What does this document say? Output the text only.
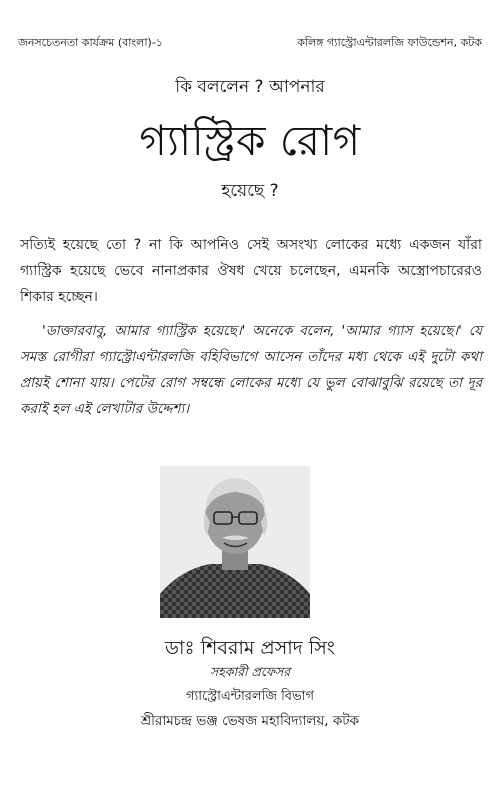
জনসচেতনতা কার্যক্রম (বাংলা)-১	কলিঙ্গ গ্যাস্ট্রোএন্টারলজি ফাউন্ডেশন, কটক
কি বললেন ? আপনার
গ্যাস্ট্রিক রোগ
হয়েছে ?

সত্যিই হয়েছে তো ? না কি আপনিও সেই অসংখ্য লোকের মধ্যে একজন যাঁরা গ্যাস্ট্রিক হয়েছে ভেবে নানাপ্রকার ঔষধ খেয়ে চলেছেন, এমনকি অস্ত্রোপচারেরও শিকার হচ্ছেন।

'ডাক্তারবাবু, আমার গ্যাস্ট্রিক হয়েছে।' অনেকে বলেন, 'আমার গ্যাস হয়েছে।' যে সমস্ত রোগীরা গ্যাস্ট্রোএন্টারলজি বহিবিভাগে আসেন তাঁদের মধ্য থেকে এই দুটো কথা প্রায়ই শোনা যায়। পেটের রোগ সম্বন্ধে লোকের মধ্যে যে ভুল বোঝাবুঝি রয়েছে তা দূর করাই হল এই লেখাটার উদ্দেশ্য।

ডাঃ শিবরাম প্রসাদ সিং
সহকারী প্রফেসর
গ্যাস্ট্রোএন্টারলজি বিভাগ
শ্রীরামচন্দ্র ভঞ্জ ভেষজ মহাবিদ্যালয়, কটক
